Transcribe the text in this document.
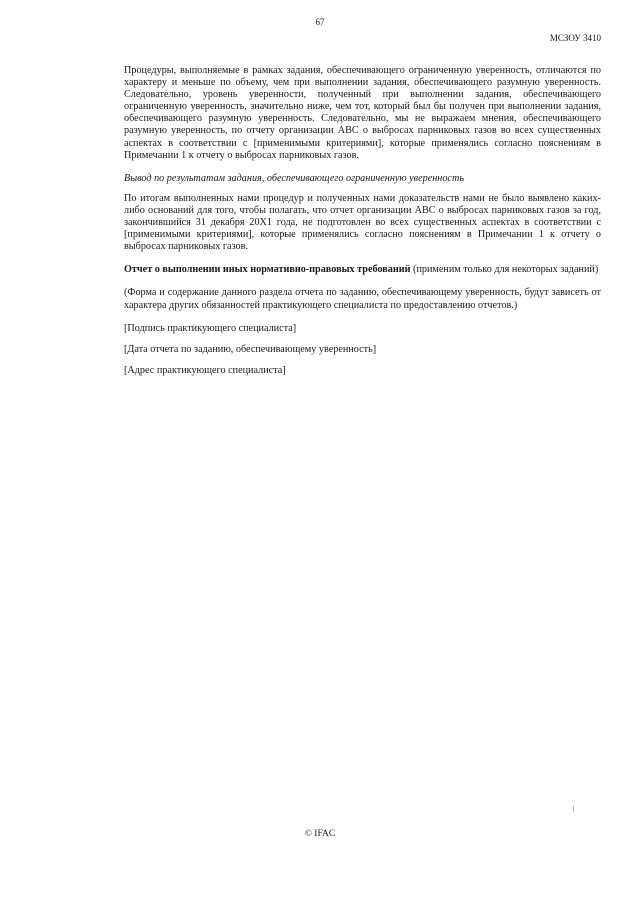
67
МСЗОУ 3410

Процедуры, выполняемые в рамках задания, обеспечивающего ограниченную уверенность, отличаются по характеру и меньше по объему, чем при выполнении задания, обеспечивающего разумную уверенность. Следовательно, уровень уверенности, полученный при выполнении задания, обеспечивающего ограниченную уверенность, значительно ниже, чем тот, который был бы получен при выполнении задания, обеспечивающего разумную уверенность. Следовательно, мы не выражаем мнения, обеспечивающего разумную уверенность, по отчету организации АВС о выбросах парниковых газов во всех существенных аспектах в соответствии с [применимыми критериями], которые применялись согласно пояснениям в Примечании 1 к отчету о выбросах парниковых газов.

Вывод по результатам задания, обеспечивающего ограниченную уверенность

По итогам выполненных нами процедур и полученных нами доказательств нами не было выявлено каких-либо оснований для того, чтобы полагать, что отчет организации АВС о выбросах парниковых газов за год, закончившийся 31 декабря 20Х1 года, не подготовлен во всех существенных аспектах в соответствии с [применимыми критериями], которые применялись согласно пояснениям в Примечании 1 к отчету о выбросах парниковых газов.

Отчет о выполнении иных нормативно-правовых требований (применим только для некоторых заданий)

(Форма и содержание данного раздела отчета по заданию, обеспечивающему уверенность, будут зависеть от характера других обязанностей практикующего специалиста по предоставлению отчетов.)

[Подпись практикующего специалиста]

[Дата отчета по заданию, обеспечивающему уверенность]

[Адрес практикующего специалиста]

© IFAC
